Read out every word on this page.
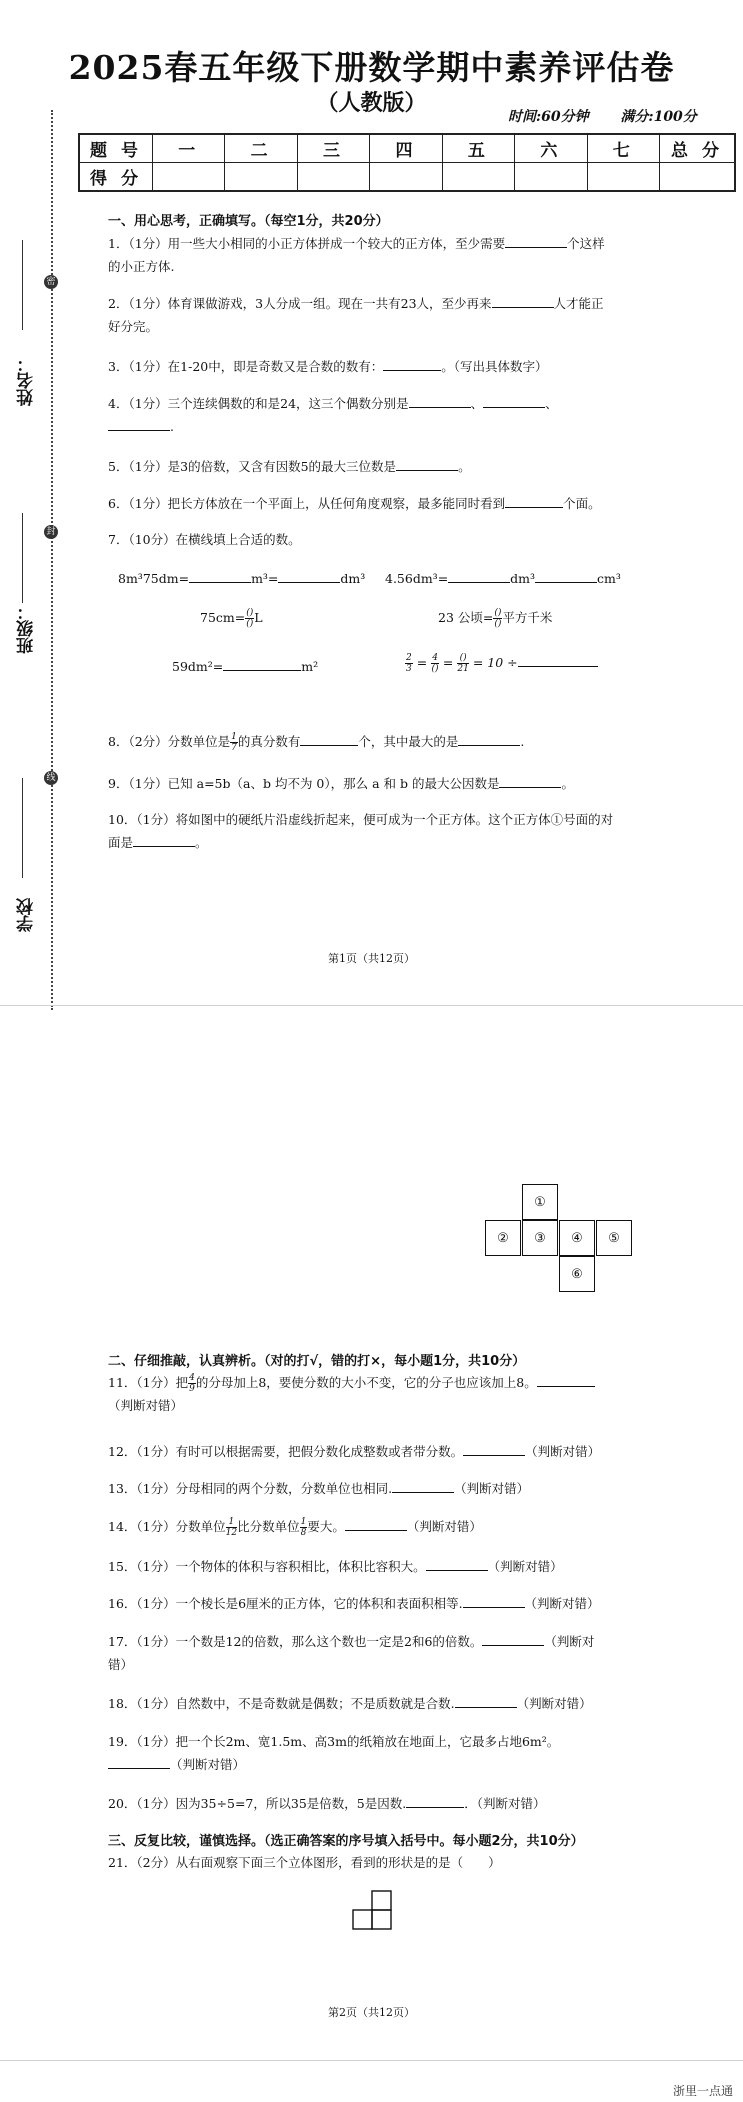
2025春五年级下册数学期中素养评估卷
（人教版）
时间:60分钟 满分:100分
题 号	一	二	三	四	五	六	七	总 分
得 分								
密
封
线
姓名：
班级：
学校
一、用心思考，正确填写。（每空1分，共20分）
1．（1分）用一些大小相同的小正方体拼成一个较大的正方体，至少需要	个这样
的小正方体.
2．（1分）体育课做游戏，3人分成一组。现在一共有23人，至少再来	人才能正
好分完。
3．（1分）在1-20中，即是奇数又是合数的数有：	。（写出具体数字）
4．（1分）三个连续偶数的和是24，这三个偶数分别是	、	、
.
5．（1分）是3的倍数，又含有因数5的最大三位数是	。
6．（1分）把长方体放在一个平面上，从任何角度观察，最多能同时看到	个面。
7．（10分）在横线填上合适的数。
8m³75dm=	m³=	dm³ 4.56dm³=	dm³	cm³
$75cm= \frac{()}{()}$ L	23 公顷= $\frac{()}{()}$ 平方千米
59dm²=	m²	$\frac{2}{3} = \frac{4}{()} = \frac{()}{21} = 10$ ÷
8．（2分）分数单位是 $\frac{1}{7}$ 的真分数有	个，其中最大的是	.
9．（1分）已知 a=5b（a、b 均不为 0），那么 a 和 b 的最大公因数是	。
10．（1分）将如图中的硬纸片沿虚线折起来，便可成为一个正方体。这个正方体①号面的对
面是	。
第1页（共12页）
①
②	③	④	⑤
⑥
二、仔细推敲，认真辨析。（对的打√，错的打×，每小题1分，共10分）
11．（1分）把 $\frac{4}{9}$ 的分母加上8，要使分数的大小不变，它的分子也应该加上8。
（判断对错）
12．（1分）有时可以根据需要，把假分数化成整数或者带分数。	（判断对错）
13．（1分）分母相同的两个分数，分数单位也相同.	（判断对错）
14．（1分）分数单位 $\frac{1}{12}$ 比分数单位 $\frac{1}{8}$ 要大。	（判断对错）
15．（1分）一个物体的体积与容积相比，体积比容积大。	（判断对错）
16．（1分）一个棱长是6厘米的正方体，它的体积和表面积相等.	（判断对错）
17．（1分）一个数是12的倍数，那么这个数也一定是2和6的倍数。	（判断对
错）
18．（1分）自然数中，不是奇数就是偶数；不是质数就是合数.	（判断对错）
19．（1分）把一个长2m、宽1.5m、高3m的纸箱放在地面上，它最多占地6m²。
（判断对错）
20．（1分）因为35÷5=7，所以35是倍数，5是因数.	．（判断对错）
三、反复比较，谨慎选择。（选正确答案的序号填入括号中。每小题2分，共10分）
21．（2分）从右面观察下面三个立体图形，看到的形状是的是（　　）
第2页（共12页）
浙里一点通
